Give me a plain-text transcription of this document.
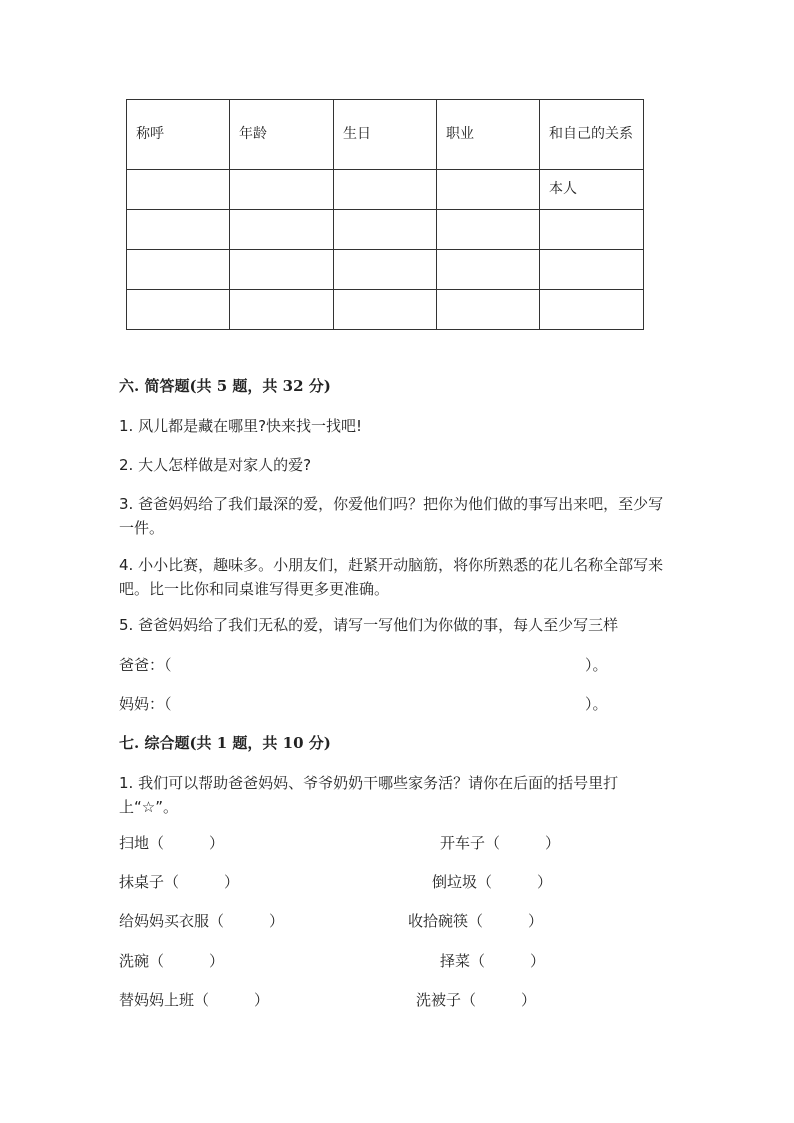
称呼	年龄	生日	职业	和自己的关系
				本人

六. 简答题(共 5 题，共 32 分)
1. 风儿都是藏在哪里?快来找一找吧!
2. 大人怎样做是对家人的爱?
3. 爸爸妈妈给了我们最深的爱，你爱他们吗？把你为他们做的事写出来吧，至少写一件。
4. 小小比赛，趣味多。小朋友们，赶紧开动脑筋，将你所熟悉的花儿名称全部写来吧。比一比你和同桌谁写得更多更准确。
5. 爸爸妈妈给了我们无私的爱，请写一写他们为你做的事，每人至少写三样
爸爸：（	）。
妈妈：（	）。
七. 综合题(共 1 题，共 10 分)
1. 我们可以帮助爸爸妈妈、爷爷奶奶干哪些家务活？请你在后面的括号里打上“☆”。
扫地（　　　）	开车子（　　　）
抹桌子（　　　）	倒垃圾（　　　）
给妈妈买衣服（　　　）	收拾碗筷（　　　）
洗碗（　　　）	择菜（　　　）
替妈妈上班（　　　）	洗被子（　　　）
